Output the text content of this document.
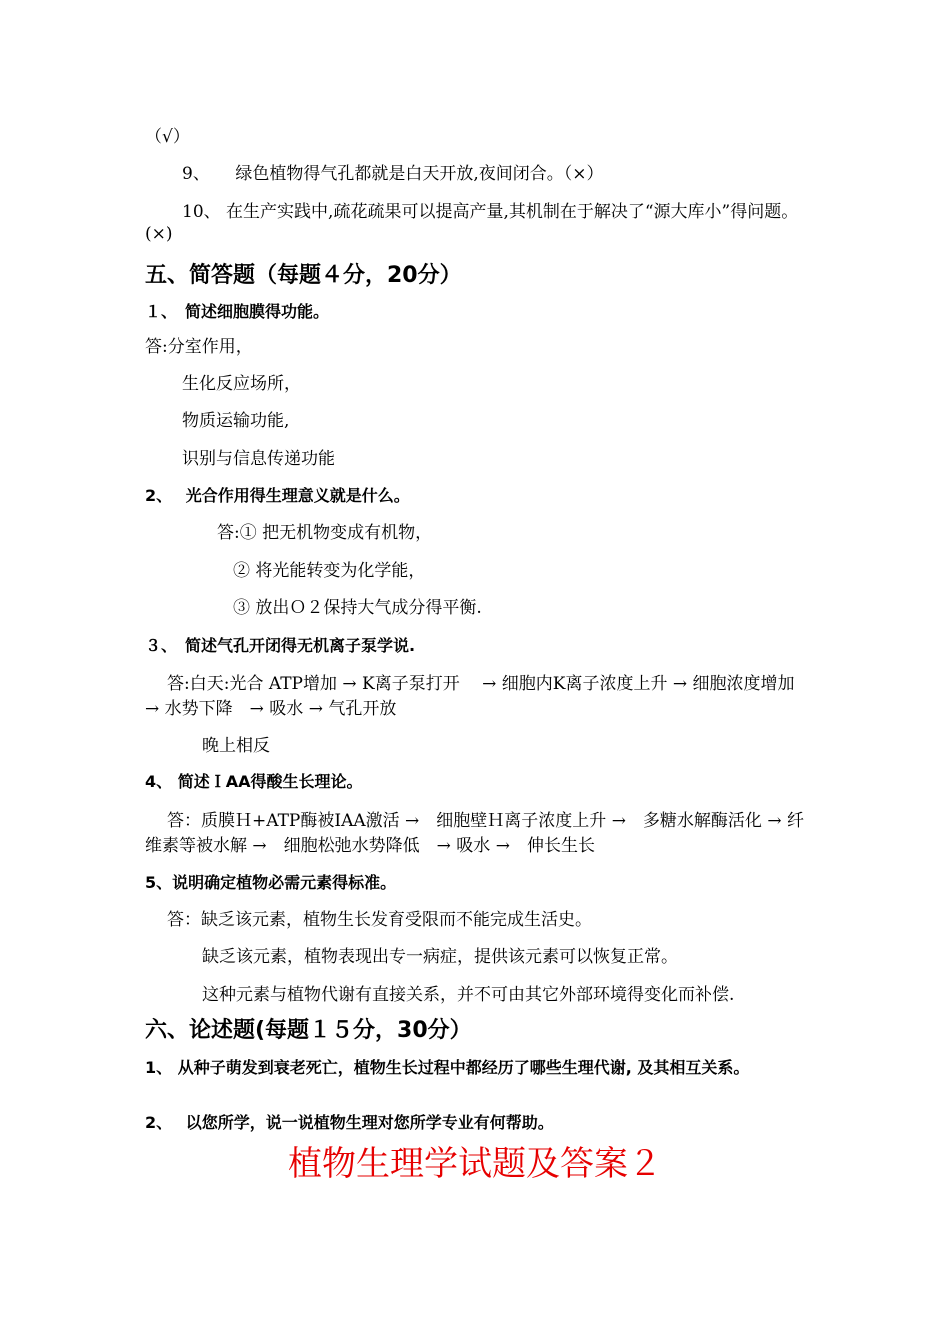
（√）
9、　　绿色植物得气孔都就是白天开放,夜间闭合。（×）
10、 在生产实践中,疏花疏果可以提高产量,其机制在于解决了“源大库小”得问题。(×)
五、简答题（每题４分，20分）
１、　简述细胞膜得功能。
答:分室作用，
生化反应场所，
物质运输功能,
识别与信息传递功能
2、　 光合作用得生理意义就是什么。
答:① 把无机物变成有机物，
② 将光能转变为化学能，
③ 放出Ｏ２保持大气成分得平衡.
３、　简述气孔开闭得无机离子泵学说.
答:白天:光合 ATP增加 → K离子泵打开　 → 细胞内K离子浓度上升 → 细胞浓度增加　　→ 水势下降　→ 吸水 → 气孔开放
晚上相反
4、 简述ＩAA得酸生长理论。
答：质膜Ｈ+ATP酶被IAA激活 →　细胞壁Ｈ离子浓度上升 →　多糖水解酶活化 → 纤维素等被水解 →　细胞松弛水势降低　→ 吸水 →　伸长生长
5、说明确定植物必需元素得标准。
答：缺乏该元素，植物生长发育受限而不能完成生活史。
缺乏该元素，植物表现出专一病症，提供该元素可以恢复正常。
这种元素与植物代谢有直接关系，并不可由其它外部环境得变化而补偿.
六、论述题(每题１５分，30分）
1、 从种子萌发到衰老死亡，植物生长过程中都经历了哪些生理代谢, 及其相互关系。
2、　 以您所学，说一说植物生理对您所学专业有何帮助。
植物生理学试题及答案２
